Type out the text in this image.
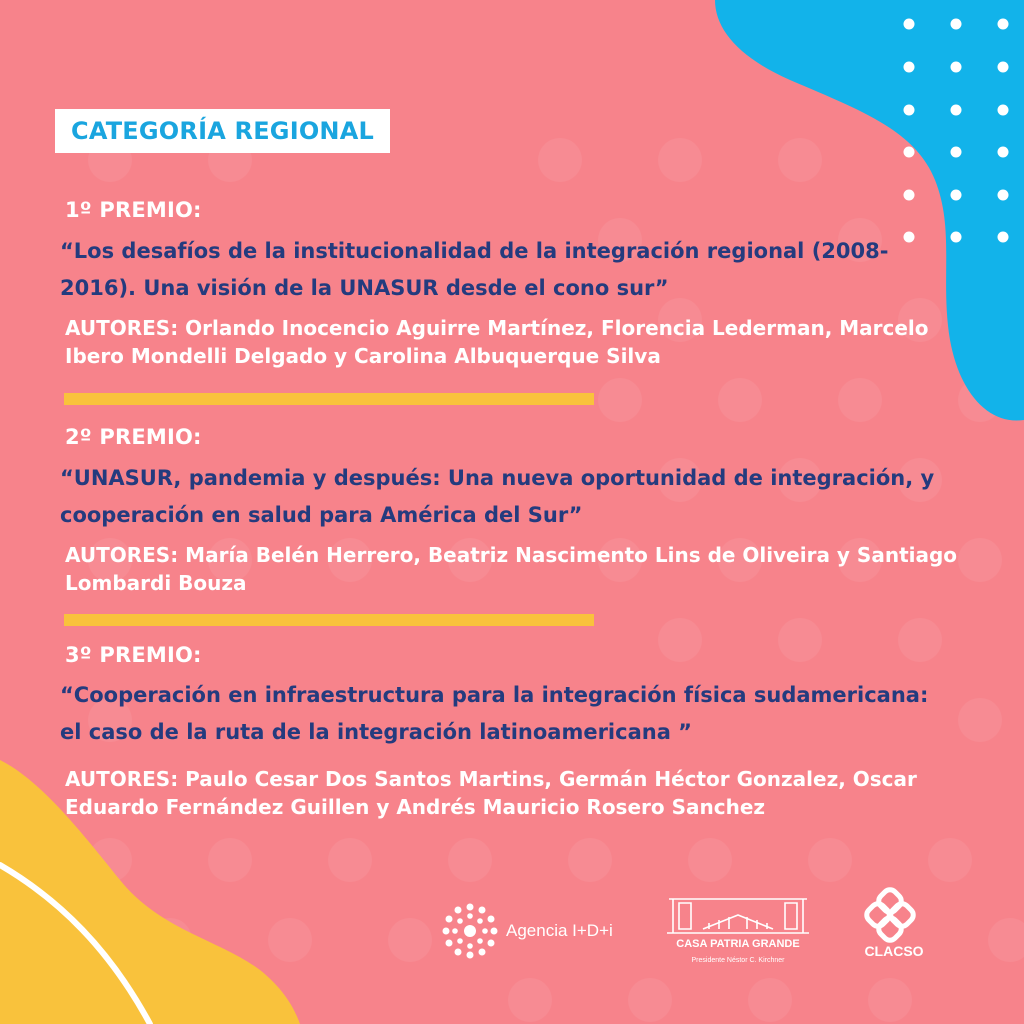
CATEGORÍA REGIONAL
1º PREMIO:
“Los desafíos de la institucionalidad de la integración regional (2008-2016). Una visión de la UNASUR desde el cono sur”
AUTORES: Orlando Inocencio Aguirre Martínez, Florencia Lederman, Marcelo Ibero Mondelli Delgado y Carolina Albuquerque Silva
2º PREMIO:
“UNASUR, pandemia y después: Una nueva oportunidad de integración, y cooperación en salud para América del Sur”
AUTORES: María Belén Herrero, Beatriz Nascimento Lins de Oliveira y Santiago Lombardi Bouza
3º PREMIO:
“Cooperación en infraestructura para la integración física sudamericana: el caso de la ruta de la integración latinoamericana ”
AUTORES: Paulo Cesar Dos Santos Martins, Germán Héctor Gonzalez, Oscar Eduardo Fernández Guillen y Andrés Mauricio Rosero Sanchez
Agencia I+D+i
CASA PATRIA GRANDE
Presidente Néstor C. Kirchner
CLACSO
